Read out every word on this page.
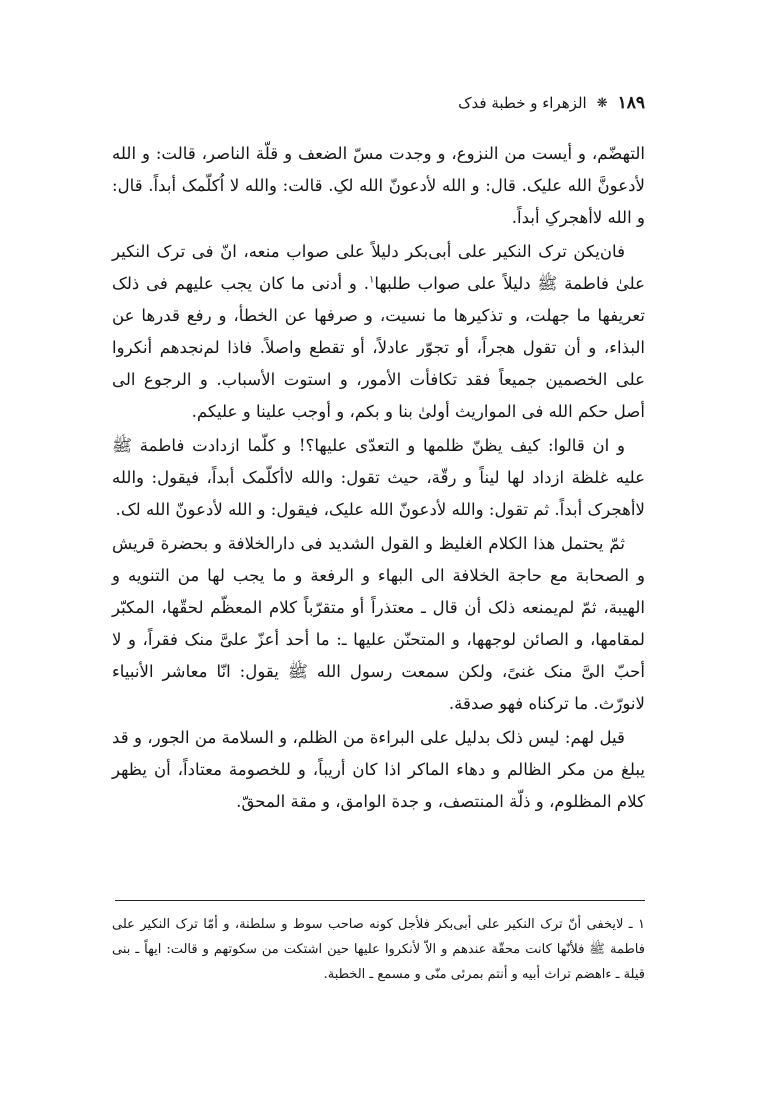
١٨٩
❋
الزهراء و خطبة فدک

التهضّم، و أیست من النزوع، و وجدت مسّ الضعف و قلّة الناصر، قالت: و الله لأدعونَّ الله علیک. قال: و الله لأدعونّ الله لکِ. قالت: والله لا اُکلّمک أبداً. قال: و الله لاأهجرکِ أبداً.

فان‌یکن ترک النکیر علی أبی‌بکر دلیلاً علی صواب منعه، انّ فی ترک النکیر علیٰ فاطمة ﷺ دلیلاً علی صواب طلبها$^١$. و أدنی ما کان یجب علیهم فی ذلک تعریفها ما جهلت، و تذکیرها ما نسیت، و صرفها عن الخطأ، و رفع قدرها عن البذاء، و أن تقول هجراً، أو تجوّر عادلاً، أو تقطع واصلاً. فاذا لم‌نجدهم أنکروا علی الخصمین جمیعاً فقد تکافأت الأمور، و استوت الأسباب. و الرجوع الی أصل حکم الله فی المواریث أولیٰ بنا و بکم، و أوجب علینا و علیکم.

و ان قالوا: کیف یظنّ ظلمها و التعدّی علیها؟! و کلّما ازدادت فاطمة ﷺ علیه غلظة ازداد لها لیناً و رقّة، حیث تقول: والله لاأکلّمک أبداً، فیقول: والله لاأهجرک أبداً. ثم تقول: والله لأدعونّ الله علیک، فیقول: و الله لأدعونّ الله لک.

ثمّ یحتمل هذا الکلام الغلیظ و القول الشدید فی دارالخلافة و بحضرة قریش و الصحابة مع حاجة الخلافة الی البهاء و الرفعة و ما یجب لها من التنویه و الهیبة، ثمّ لم‌یمنعه ذلک أن قال ـ معتذراً أو متقرّباً کلام المعظّم لحقّها، المکبّر لمقامها، و الصائن لوجهها، و المتحنّن علیها ـ: ما أحد أعزّ علیَّ منک فقراً، و لا أحبّ الیَّ منک غنیً، ولکن سمعت رسول الله ﷺ یقول: انّا معاشر الأنبیاء لانورّث. ما ترکناه فهو صدقة.

قیل لهم: لیس ذلک بدلیل علی البراءة من الظلم، و السلامة من الجور، و قد یبلغ من مکر الظالم و دهاء الماکر اذا کان أریباً، و للخصومة معتاداً، أن یظهر کلام المظلوم، و ذلّة المنتصف، و جدة الوامق، و مقة المحقّ.

١ ـ لایخفی أنّ ترک النکیر علی أبی‌بکر فلأجل کونه صاحب سوط و سلطنة، و أمّا ترک النکیر علی فاطمة ﷺ فلأنّها کانت محقّة عندهم و الاّ لأنکروا علیها حین اشتکت من سکوتهم و قالت: ایهاً ـ بنی قیلة ـ ءاهضم تراث أبیه و أنتم بمرئی منّی و مسمع ـ الخطبة.
